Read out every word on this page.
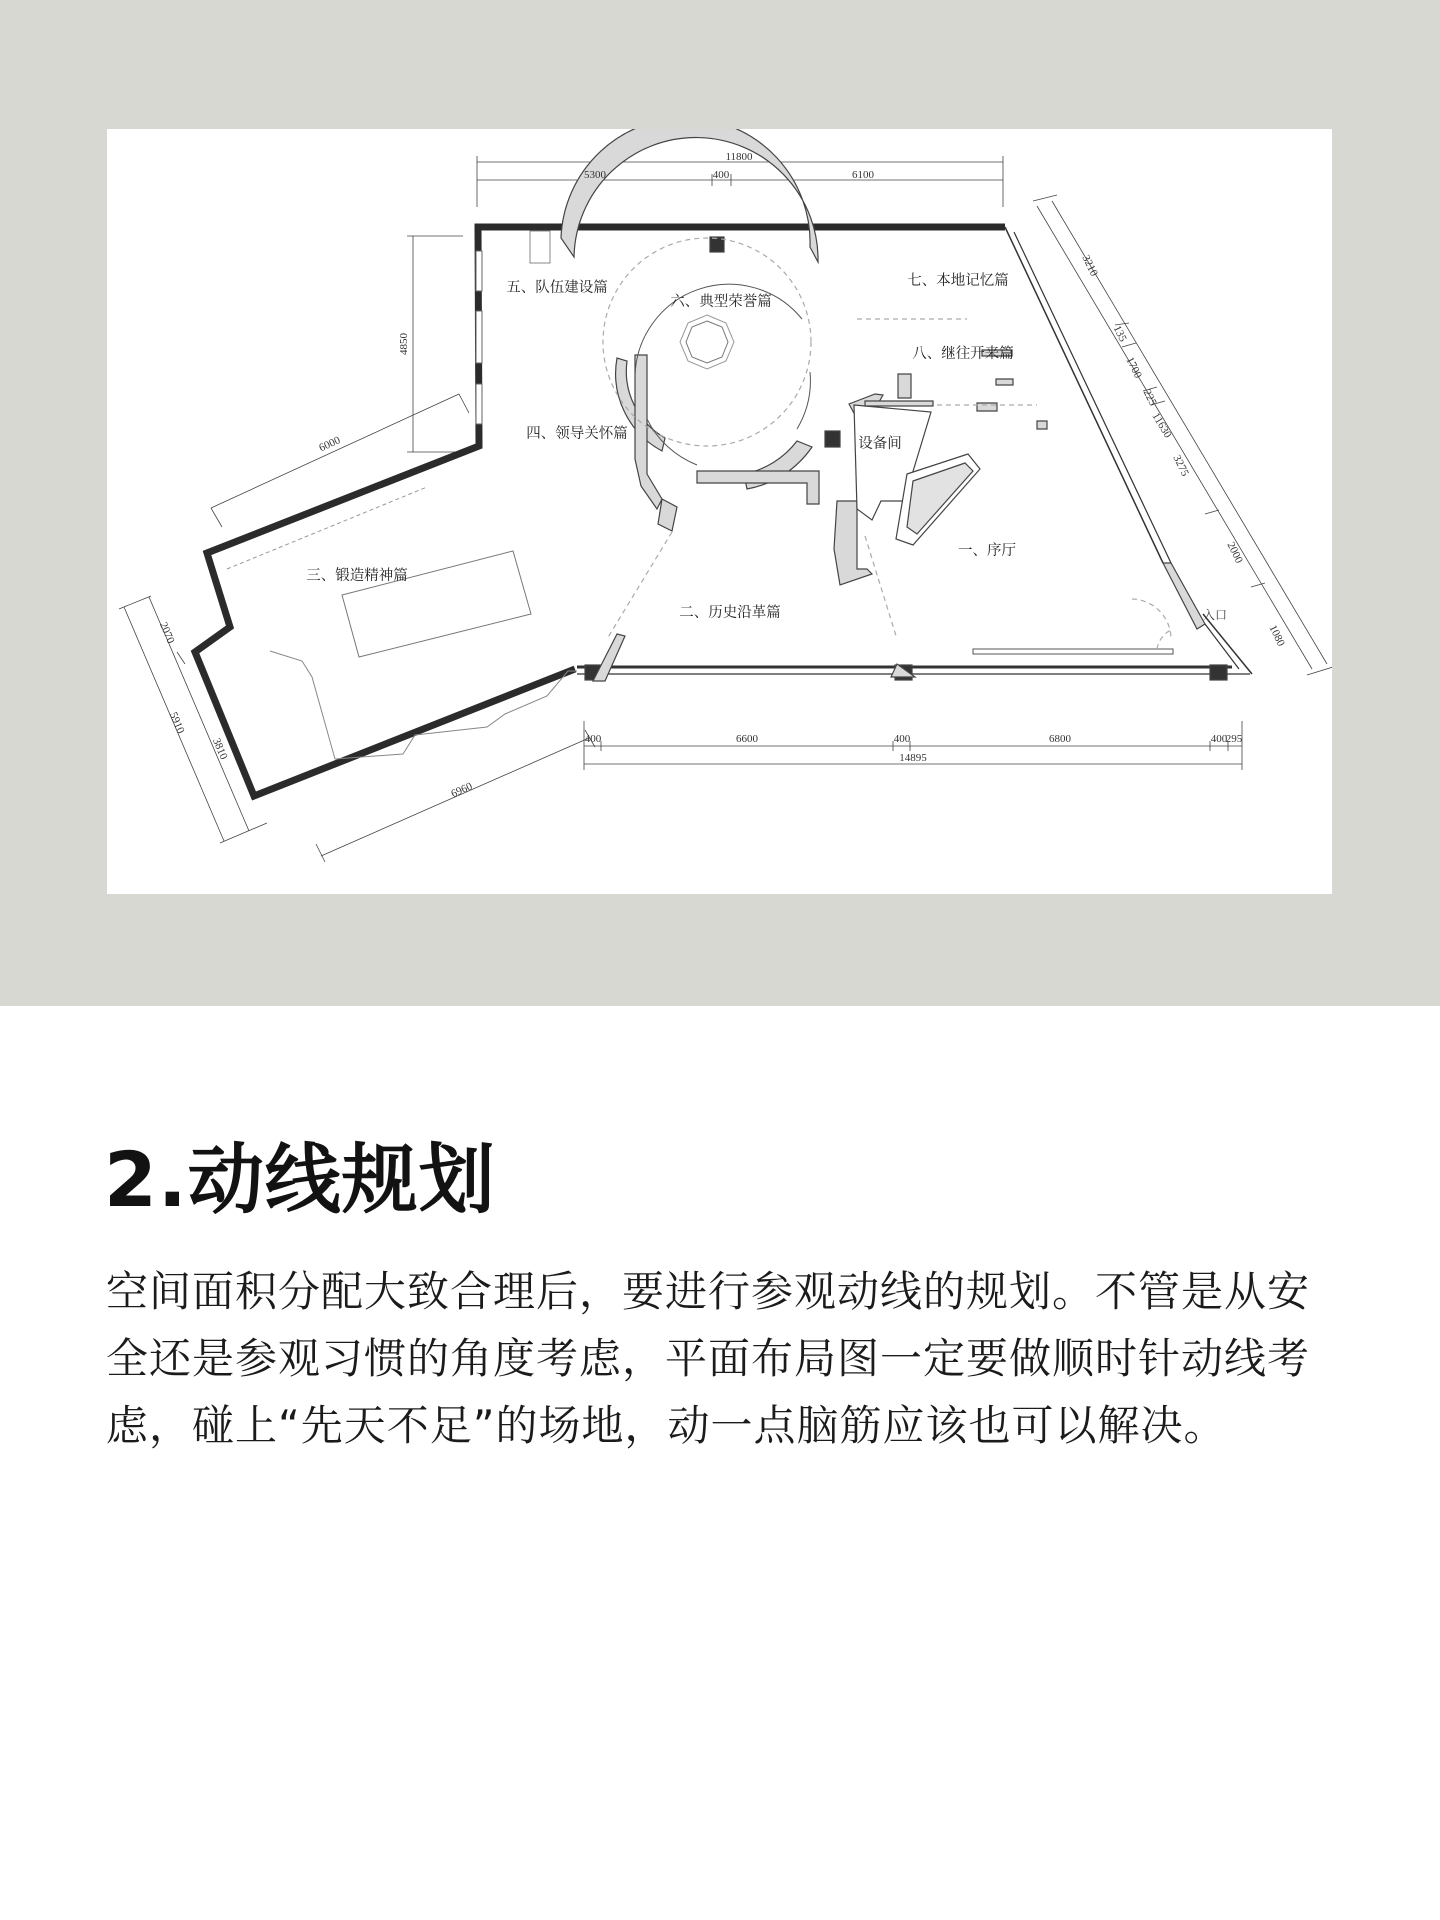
一、序厅
二、历史沿革篇
三、锻造精神篇
四、领导关怀篇
五、队伍建设篇
六、典型荣誉篇
七、本地记忆篇
八、继往开来篇
设备间
入口
11800
5300	400	6100
4850
6000
5910
2070
3810
6960
14895
400	6600	400	6800	400
295
11630
3210
135
1700
225
3275
2000
1080
2.动线规划

空间面积分配大致合理后，要进行参观动线的规划。不管是从安全还是参观习惯的角度考虑，平面布局图一定要做顺时针动线考虑，碰上“先天不足”的场地，动一点脑筋应该也可以解决。
